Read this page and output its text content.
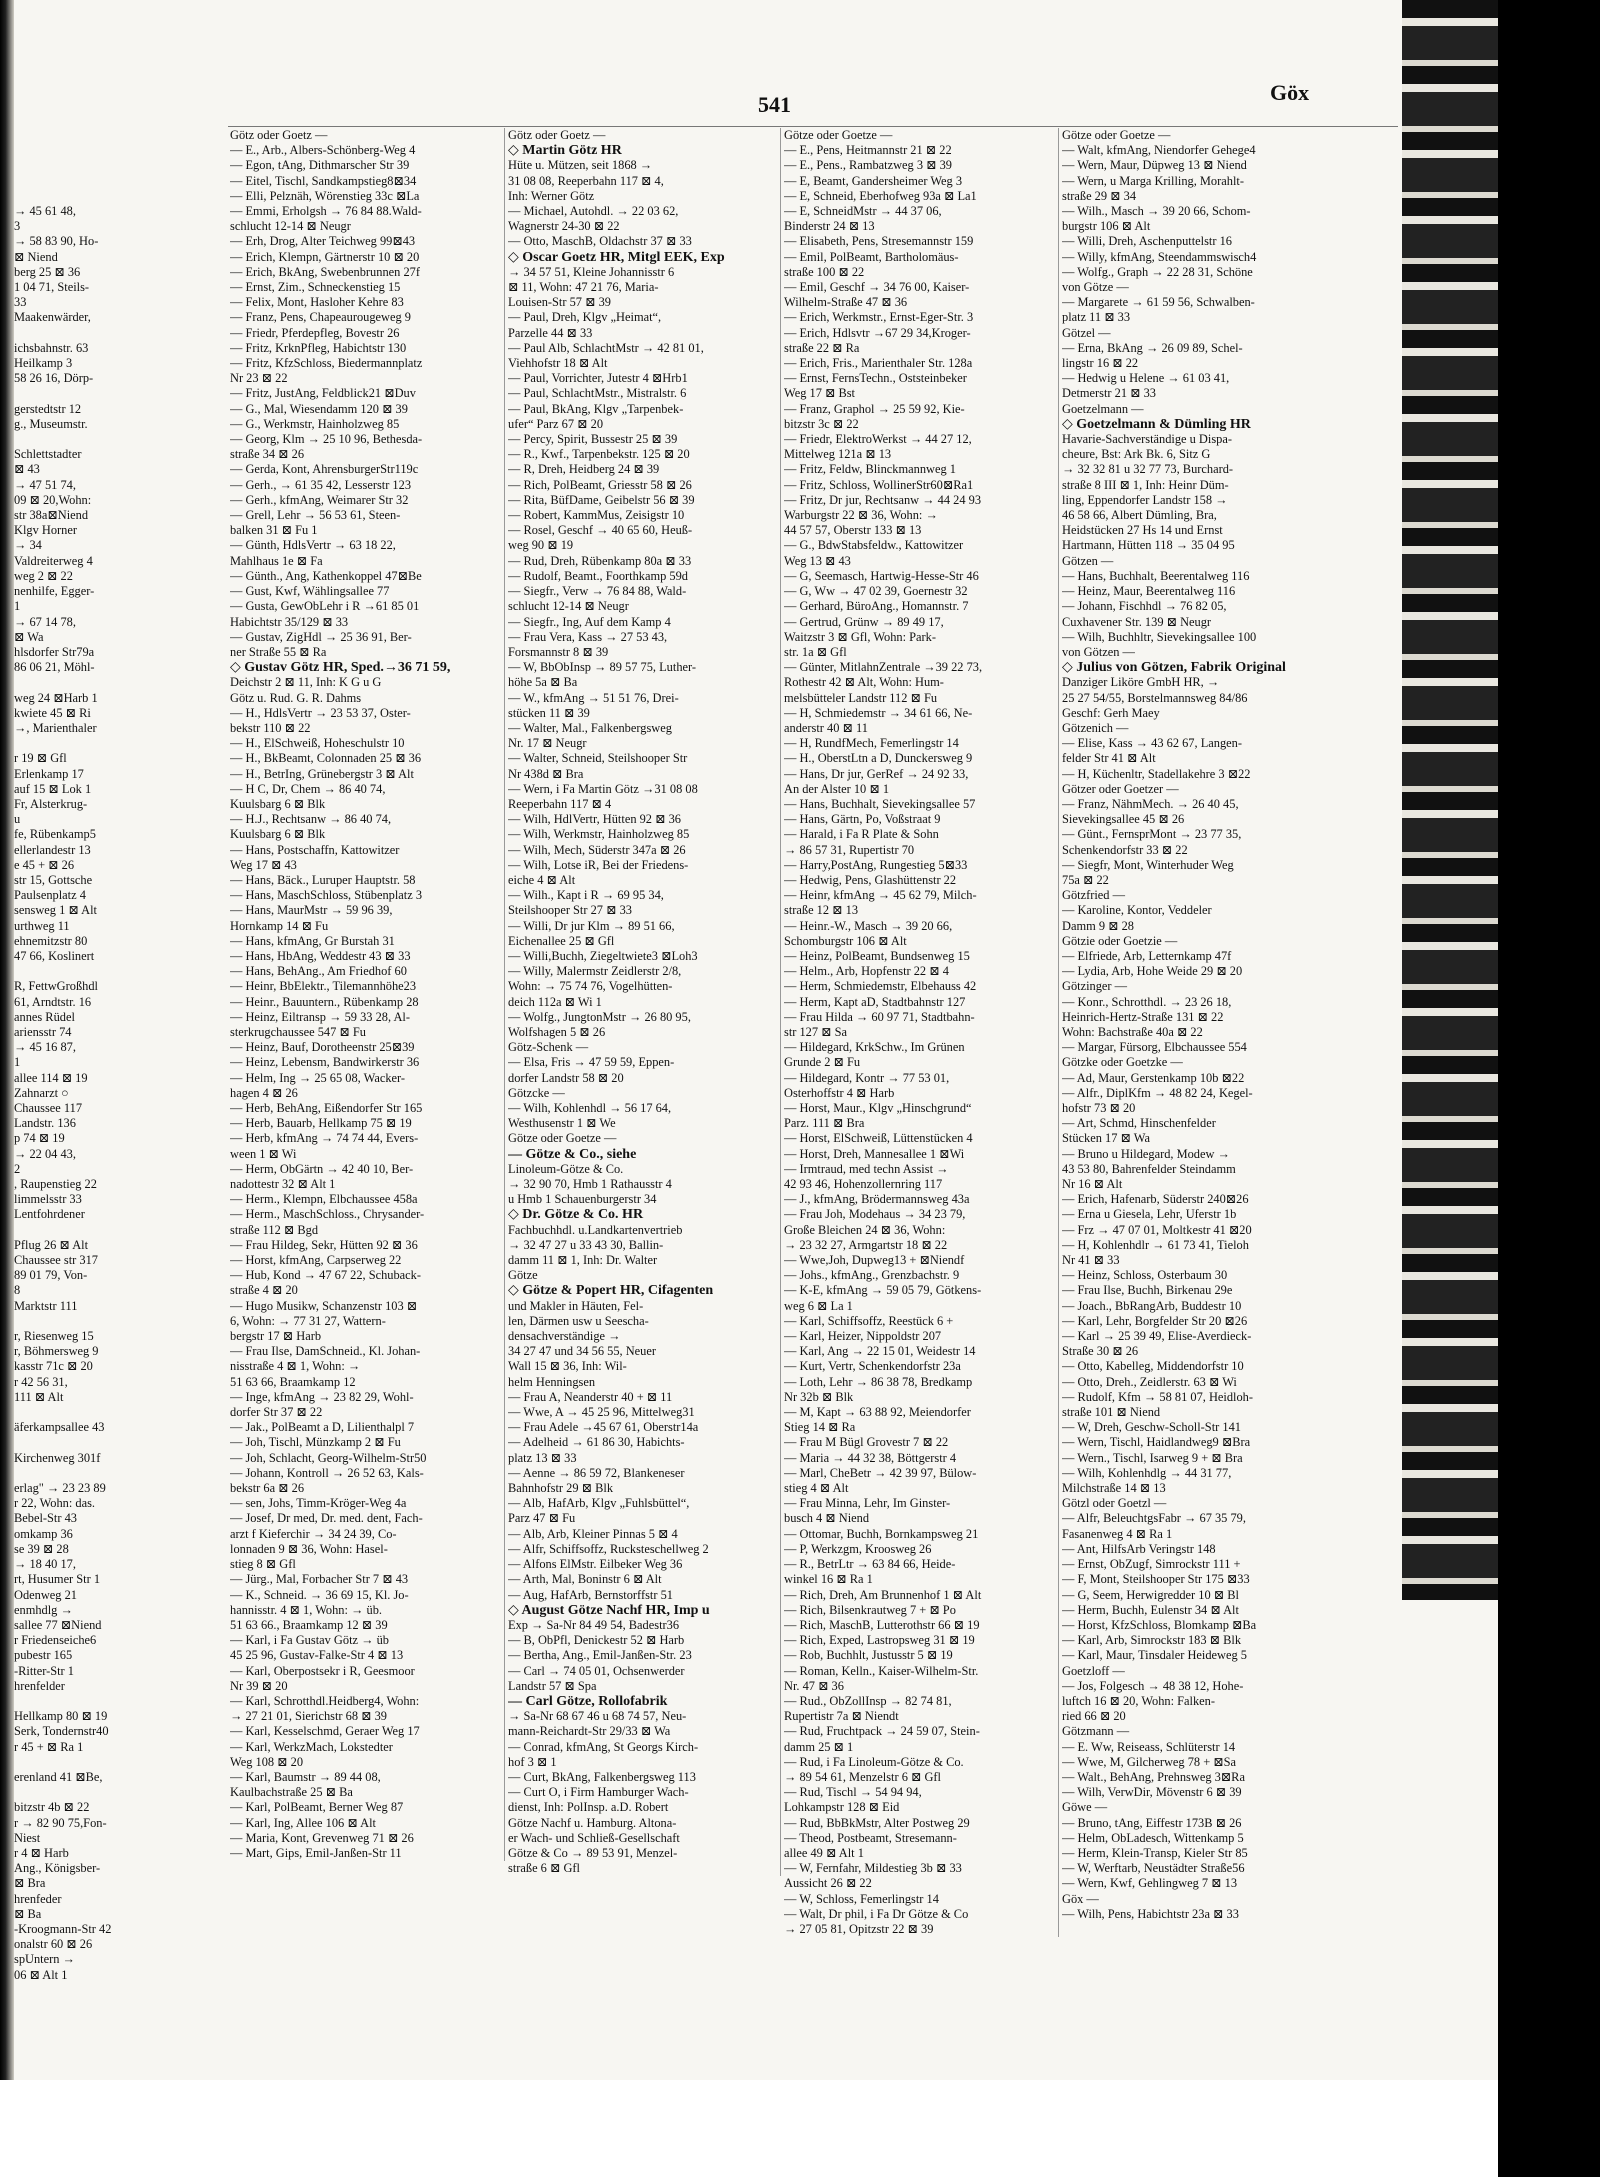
541	Göx

→ 45 61 48,
3
→ 58 83 90, Ho-
⊠ Niend
berg 25 ⊠ 36
1 04 71, Steils-
33
Maakenwärder,

ichsbahnstr. 63
Heilkamp 3
58 26 16, Dörp-

gerstedtstr 12
g., Museumstr.

Schlettstadter
⊠ 43
→ 47 51 74,
09 ⊠ 20,Wohn:
str 38a⊠Niend
Klgv Horner
→ 34
Valdreiterweg 4
weg 2 ⊠ 22
nenhilfe, Egger-
1
→ 67 14 78,
⊠ Wa
hlsdorfer Str79a
86 06 21, Möhl-

weg 24 ⊠Harb 1
kwiete 45 ⊠ Ri
→, Marienthaler

r 19 ⊠ Gfl
Erlenkamp 17
auf 15 ⊠ Lok 1
Fr, Alsterkrug-
u
fe, Rübenkamp5
ellerlandestr 13
e 45 + ⊠ 26
str 15, Gottsche
Paulsenplatz 4
sensweg 1 ⊠ Alt
urthweg 11
ehnemitzstr 80
47 66, Koslinert

R, FettwGroßhdl
61, Arndtstr. 16
annes Rüdel
ariensstr 74
→ 45 16 87,
1
allee 114 ⊠ 19
Zahnarzt ○
Chaussee 117
Landstr. 136
p 74 ⊠ 19
→ 22 04 43,
2
, Raupenstieg 22
limmelsstr 33
Lentfohrdener

Pflug 26 ⊠ Alt
Chaussee str 317
89 01 79, Von-
8
Marktstr 111

r, Riesenweg 15
r, Böhmersweg 9
kasstr 71c ⊠ 20
r 42 56 31,
111 ⊠ Alt

äferkampsallee 43

Kirchenweg 301f

erlag" → 23 23 89
r 22, Wohn: das.
Bebel-Str 43
omkamp 36
se 39 ⊠ 28
→ 18 40 17,
rt, Husumer Str 1
Odenweg 21
enmhdlg →
sallee 77 ⊠Niend
r Friedenseiche6
pubestr 165
-Ritter-Str 1
hrenfelder

Hellkamp 80 ⊠ 19
Serk, Tondernstr40
r 45 + ⊠ Ra 1

erenland 41 ⊠Be,

bitzstr 4b ⊠ 22
r → 82 90 75,Fon-
Niest
r 4 ⊠ Harb
Ang., Königsber-
⊠ Bra
hrenfeder
⊠ Ba
-Kroogmann-Str 42
onalstr 60 ⊠ 26
spUntern →
06 ⊠ Alt 1
Götz oder Goetz —
— E., Arb., Albers-Schönberg-Weg 4
— Egon, tAng, Dithmarscher Str 39
— Eitel, Tischl, Sandkampstieg8⊠34
— Elli, Pelznäh, Wörenstieg 33c ⊠La
— Emmi, Erholgsh → 76 84 88.Wald-
schlucht 12-14 ⊠ Neugr
— Erh, Drog, Alter Teichweg 99⊠43
— Erich, Klempn, Gärtnerstr 10 ⊠ 20
— Erich, BkAng, Swebenbrunnen 27f
— Ernst, Zim., Schneckenstieg 15
— Felix, Mont, Hasloher Kehre 83
— Franz, Pens, Chapeaurougeweg 9
— Friedr, Pferdepfleg, Bovestr 26
— Fritz, KrknPfleg, Habichtstr 130
— Fritz, KfzSchloss, Biedermannplatz
Nr 23 ⊠ 22
— Fritz, JustAng, Feldblick21 ⊠Duv
— G., Mal, Wiesendamm 120 ⊠ 39
— G., Werkmstr, Hainholzweg 85
— Georg, Klm → 25 10 96, Bethesda-
straße 34 ⊠ 26
— Gerda, Kont, AhrensburgerStr119c
— Gerh., → 61 35 42, Lesserstr 123
— Gerh., kfmAng, Weimarer Str 32
— Grell, Lehr → 56 53 61, Steen-
balken 31 ⊠ Fu 1
— Günth, HdlsVertr → 63 18 22,
Mahlhaus 1e ⊠ Fa
— Günth., Ang, Kathenkoppel 47⊠Be
— Gust, Kwf, Wählingsallee 77
— Gusta, GewObLehr i R →61 85 01
Habichtstr 35/129 ⊠ 33
— Gustav, ZigHdl → 25 36 91, Ber-
ner Straße 55 ⊠ Ra
◇ Gustav Götz HR, Sped.→36 71 59,
Deichstr 2 ⊠ 11, Inh: K G u G
Götz u. Rud. G. R. Dahms
— H., HdlsVertr → 23 53 37, Oster-
bekstr 110 ⊠ 22
— H., ElSchweiß, Hoheschulstr 10
— H., BkBeamt, Colonnaden 25 ⊠ 36
— H., BetrIng, Grünebergstr 3 ⊠ Alt
— H C, Dr, Chem → 86 40 74,
Kuulsbarg 6 ⊠ Blk
— H.J., Rechtsanw → 86 40 74,
Kuulsbarg 6 ⊠ Blk
— Hans, Postschaffn, Kattowitzer
Weg 17 ⊠ 43
— Hans, Bäck., Luruper Hauptstr. 58
— Hans, MaschSchloss, Stübenplatz 3
— Hans, MaurMstr → 59 96 39,
Hornkamp 14 ⊠ Fu
— Hans, kfmAng, Gr Burstah 31
— Hans, HbAng, Weddestr 43 ⊠ 33
— Hans, BehAng., Am Friedhof 60
— Heinr, BbEle​ktr., Tilemannhöhe23
— Heinr., Bauuntern., Rübenkamp 28
— Heinz, Eiltransp → 59 33 28, Al-
sterkrugchaussee 547 ⊠ Fu
— Heinz, Bauf, Dorotheenstr 25⊠39
— Heinz, Lebensm, Bandwirkerstr 36
— Helm, Ing → 25 65 08, Wacker-
hagen 4 ⊠ 26
— Herb, BehAng, Eißendorfer Str 165
— Herb, Bauarb, Hellkamp 75 ⊠ 19
— Herb, kfmAng → 74 74 44, Evers-
ween 1 ⊠ Wi
— Herm, ObGärtn → 42 40 10, Ber-
nadottestr 32 ⊠ Alt 1
— Herm., Klempn, Elbchaussee 458a
— Herm., MaschSchloss., Chrysander-
straße 112 ⊠ Bgd
— Frau Hildeg, Sekr, Hütten 92 ⊠ 36
— Horst, kfmAng, Carpserweg 22
— Hub, Kond → 47 67 22, Schuback-
straße 4 ⊠ 20
— Hugo Musikw, Schanzenstr 103 ⊠
6, Wohn: → 77 31 27, Wattern-
bergstr 17 ⊠ Harb
— Frau Ilse, DamSchneid., Kl. Johan-
nisstraße 4 ⊠ 1, Wohn: →
51 63 66, Braamkamp 12
— Inge, kfmAng → 23 82 29, Wohl-
dorfer Str 37 ⊠ 22
— Jak., PolBeamt a D, Lilienthalpl 7
— Joh, Tischl, Münzkamp 2 ⊠ Fu
— Joh, Schlacht, Georg-Wilhelm-Str50
— Johann, Kontroll → 26 52 63, Kals-
bekstr 6a ⊠ 26
— sen, Johs, Timm-Kröger-Weg 4a
— Josef, Dr med, Dr. med. dent, Fach-
arzt f Kieferchir → 34 24 39, Co-
lonnaden 9 ⊠ 36, Wohn: Hasel-
stieg 8 ⊠ Gfl
— Jürg., Mal, Forbacher Str 7 ⊠ 43
— K., Schneid. → 36 69 15, Kl. Jo-
hannisstr. 4 ⊠ 1, Wohn: → üb.
51 63 66., Braamkamp 12 ⊠ 39
— Karl, i Fa Gustav Götz → üb
45 25 96, Gustav-Falke-Str 4 ⊠ 13
— Karl, Oberpostsekr i R, Geesmoor
Nr 39 ⊠ 20
— Karl, Schrotthdl.Heidberg4, Wohn:
→ 27 21 01, Sierichstr 68 ⊠ 39
— Karl, Kesselschmd, Geraer Weg 17
— Karl, WerkzMach, Lokstedter
Weg 108 ⊠ 20
— Karl, Baumstr → 89 44 08,
Kaulbachstraße 25 ⊠ Ba
— Karl, PolBeamt, Berner Weg 87
— Karl, Ing, Allee 106 ⊠ Alt
— Maria, Kont, Grevenweg 71 ⊠ 26
— Mart, Gips, Emil-Janßen-Str 11
Götz oder Goetz —
◇ Martin Götz HR
Hüte u. Mützen, seit 1868 →
31 08 08, Reeperbahn 117 ⊠ 4,
Inh: Werner Götz
— Michael, Autohdl. → 22 03 62,
Wagnerstr 24-30 ⊠ 22
— Otto, MaschB, Oldachstr 37 ⊠ 33
◇ Oscar Goetz HR, Mitgl EEK, Exp
→ 34 57 51, Kleine Johannisstr 6
⊠ 11, Wohn: 47 21 76, Maria-
Louisen-Str 57 ⊠ 39
— Paul, Dreh, Klgv „Heimat“,
Parzelle 44 ⊠ 33
— Paul Alb, SchlachtMstr → 42 81 01,
Viehhofstr 18 ⊠ Alt
— Paul, Vorrichter, Jutestr 4 ⊠Hrb1
— Paul, SchlachtMstr., Mistralstr. 6
— Paul, BkAng, Klgv „Tarpenbek-
ufer“ Parz 67 ⊠ 20
— Percy, Spirit, Bussestr 25 ⊠ 39
— R., Kwf., Tarpenbekstr. 125 ⊠ 20
— R, Dreh, Heidberg 24 ⊠ 39
— Rich, PolBeamt, Griesstr 58 ⊠ 26
— Rita, BüfDame, Geibelstr 56 ⊠ 39
— Robert, KammMus, Zeisigstr 10
— Rosel, Geschf → 40 65 60, Heuß-
weg 90 ⊠ 19
— Rud, Dreh, Rübenkamp 80a ⊠ 33
— Rudolf, Beamt., Foorthkamp 59d
— Siegfr., Verw → 76 84 88, Wald-
schlucht 12-14 ⊠ Neugr
— Siegfr., Ing, Auf dem Kamp 4
— Frau Vera, Kass → 27 53 43,
Forsmannstr 8 ⊠ 39
— W, BbObInsp → 89 57 75, Luther-
höhe 5a ⊠ Ba
— W., kfmAng → 51 51 76, Drei-
stücken 11 ⊠ 39
— Walter, Mal., Falkenbergsweg
Nr. 17 ⊠ Neugr
— Walter, Schneid, Steilshooper Str
Nr 438d ⊠ Bra
— Wern, i Fa Martin Götz →31 08 08
Reeperbahn 117 ⊠ 4
— Wilh, HdlVertr, Hütten 92 ⊠ 36
— Wilh, Werkmstr, Hainholzweg 85
— Wilh, Mech, Süderstr 347a ⊠ 26
— Wilh, Lotse iR, Bei der Friedens-
eiche 4 ⊠ Alt
— Wilh., Kapt i R → 69 95 34,
Steilshooper Str 27 ⊠ 33
— Willi, Dr jur Klm → 89 51 66,
Eichenallee 25 ⊠ Gfl
— Willi,Buchh, Ziegeltwiete3 ⊠Loh3
— Willy, Malermstr Zeidlerstr 2/8,
Wohn: → 75 74 76, Vogelhütten-
deich 112a ⊠ Wi 1
— Wolfg., JungtonMstr → 26 80 95,
Wolfshagen 5 ⊠ 26
Götz-Schenk —
— Elsa, Fris → 47 59 59, Eppen-
dorfer Landstr 58 ⊠ 20
Götzcke —
— Wilh, Kohlenhdl → 56 17 64,
Westhusenstr 1 ⊠ We
Götze oder Goetze —
— Götze & Co., siehe
Linoleum-Götze & Co.
→ 32 90 70, Hmb 1 Rathausstr 4
u Hmb 1 Schauenburgerstr 34
◇ Dr. Götze & Co. HR
Fachbuchhdl. u.Landkartenvertrieb
→ 32 47 27 u 33 43 30, Ballin-
damm 11 ⊠ 1, Inh: Dr. Walter
Götze
◇ Götze & Popert HR, Cifagenten
und Makler in Häuten, Fel-
len, Därmen usw u Seescha-
densachverständige →
34 27 47 und 34 56 55, Neuer
Wall 15 ⊠ 36, Inh: Wil-
helm Henningsen
— Frau A, Neanderstr 40 + ⊠ 11
— Wwe, A → 45 25 96, Mittelweg31
— Frau Adele →45 67 61, Oberstr14a
— Adelheid → 61 86 30, Habichts-
platz 13 ⊠ 33
— Aenne → 86 59 72, Blankeneser
Bahnhofstr 29 ⊠ Blk
— Alb, HafArb, Klgv „Fuhlsbüttel“,
Parz 47 ⊠ Fu
— Alb, Arb, Kleiner Pinnas 5 ⊠ 4
— Alfr, Schiffsoffz, Rucksteschellweg 2
— Alfons ElMstr. Eilbeker Weg 36
— Arth, Mal, Boninstr 6 ⊠ Alt
— Aug, HafArb, Bernstorffstr 51
◇ August Götze Nachf HR, Imp u
Exp → Sa-Nr 84 49 54, Badestr36
— B, ObPfl, Denickestr 52 ⊠ Harb
— Bertha, Ang., Emil-Janßen-Str. 23
— Carl → 74 05 01, Ochsenwerder
Landstr 57 ⊠ Spa
— Carl Götze, Rollofabrik
→ Sa-Nr 68 67 46 u 68 74 57, Neu-
mann-Reichardt-Str 29/33 ⊠ Wa
— Conrad, kfmAng, St Georgs Kirch-
hof 3 ⊠ 1
— Curt, BkAng, Falkenbergsweg 113
— Curt O, i Firm Hamburger Wach-
dienst, Inh: PolInsp. a.D. Robert
Götze Nachf u. Hamburg. Altona-
er Wach- und Schließ-Gesellschaft
Götze & Co → 89 53 91, Menzel-
straße 6 ⊠ Gfl
Götze oder Goetze —
— E., Pens, Heitmannstr 21 ⊠ 22
— E., Pens., Rambatzweg 3 ⊠ 39
— E, Beamt, Gandersheimer Weg 3
— E, Schneid, Eberhofweg 93a ⊠ La1
— E, SchneidMstr → 44 37 06,
Binderstr 24 ⊠ 13
— Elisabeth, Pens, Stresemannstr 159
— Emil, PolBeamt, Bartholomäus-
straße 100 ⊠ 22
— Emil, Geschf → 34 76 00, Kaiser-
Wilhelm-Straße 47 ⊠ 36
— Erich, Werkmstr., Ernst-Eger-Str. 3
— Erich, Hdlsvtr →67 29 34,Kroger-
straße 22 ⊠ Ra
— Erich, Fris., Marienthaler Str. 128a
— Ernst, FernsTechn., Oststeinbeker
Weg 17 ⊠ Bst
— Franz, Graphol → 25 59 92, Kie-
bitzstr 3c ⊠ 22
— Friedr, ElektroWerkst → 44 27 12,
Mittelweg 121a ⊠ 13
— Fritz, Feldw, Blinckmannweg 1
— Fritz, Schloss, WollinerStr60⊠Ra1
— Fritz, Dr jur, Rechtsanw → 44 24 93
Warburgstr 22 ⊠ 36, Wohn: →
44 57 57, Oberstr 133 ⊠ 13
— G., BdwStabsfeldw., Kattowitzer
Weg 13 ⊠ 43
— G, Seemasch, Hartwig-Hesse-Str 46
— G, Ww → 47 02 39, Goernestr 32
— Gerhard, BüroAng., Homannstr. 7
— Gertrud, Grünw → 89 49 17,
Waitzstr 3 ⊠ Gfl, Wohn: Park-
str. 1a ⊠ Gfl
— Günter, MitlahnZentrale →39 22 73,
Rothestr 42 ⊠ Alt, Wohn: Hum-
melsbütteler Landstr 112 ⊠ Fu
— H, Schmiedemstr → 34 61 66, Ne-
anderstr 40 ⊠ 11
— H, RundfMech, Femerlingstr 14
— H., OberstLtn a D, Dunckersweg 9
— Hans, Dr jur, GerRef → 24 92 33,
An der Alster 10 ⊠ 1
— Hans, Buchhalt, Sievekingsallee 57
— Hans, Gärtn, Po, Voßstraat 9
— Harald, i Fa R Plate & Sohn
→ 86 57 31, Rupertistr 70
— Harry,PostAng, Rungestieg 5⊠33
— Hedwig, Pens, Glashüttenstr 22
— Heinr, kfmAng → 45 62 79, Milch-
straße 12 ⊠ 13
— Heinr.-W., Masch → 39 20 66,
Schomburgstr 106 ⊠ Alt
— Heinz, PolBeamt, Bundsenweg 15
— Helm., Arb, Hopfenstr 22 ⊠ 4
— Herm, Schmiedemstr, Elbehauss 42
— Herm, Kapt aD, Stadtbahnstr 127
— Frau Hilda → 60 97 71, Stadtbahn-
str 127 ⊠ Sa
— Hildegard, KrkSchw., Im Grünen
Grunde 2 ⊠ Fu
— Hildegard, Kontr → 77 53 01,
Osterhoffstr 4 ⊠ Harb
— Horst, Maur., Klgv „Hinschgrund“
Parz. 111 ⊠ Bra
— Horst, ElSchweiß, Lüttenstücken 4
— Horst, Dreh, Mannesallee 1 ⊠Wi
— Irmtraud, med techn Assist →
42 93 46, Hohenzollernring 117
— J., kfmAng, Brödermannsweg 43a
— Frau Joh, Modehaus → 34 23 79,
Große Bleichen 24 ⊠ 36, Wohn:
→ 23 32 27, Armgartstr 18 ⊠ 22
— Wwe,Joh, Dupweg13 + ⊠Niendf
— Johs., kfmAng., Grenzbachstr. 9
— K-E, kfmAng → 59 05 79, Götkens-
weg 6 ⊠ La 1
— Karl, Schiffsoffz, Reestück 6 +
— Karl, Heizer, Nippoldstr 207
— Karl, Ang → 22 15 01, Weidestr 14
— Kurt, Vertr, Schenkendorfstr 23a
— Loth, Lehr → 86 38 78, Bredkamp
Nr 32b ⊠ Blk
— M, Kapt → 63 88 92, Meiendorfer
Stieg 14 ⊠ Ra
— Frau M Bügl Grovestr 7 ⊠ 22
— Maria → 44 32 38, Böttgerstr 4
— Marl, CheBetr → 42 39 97, Bülow-
stieg 4 ⊠ Alt
— Frau Minna, Lehr, Im Ginster-
busch 4 ⊠ Niend
— Ottomar, Buchh, Bornkampsweg 21
— P, Werkzgm, Kroosweg 26
— R., BetrLtr → 63 84 66, Heide-
winkel 16 ⊠ Ra 1
— Rich, Dreh, Am Brunnenhof 1 ⊠ Alt
— Rich, Bilsenkrautweg 7 + ⊠ Po
— Rich, MaschB, Lutterothstr 66 ⊠ 19
— Rich, Exped, Lastropsweg 31 ⊠ 19
— Rob, Buchhlt, Justusstr 5 ⊠ 19
— Roman, Kelln., Kaiser-Wilhelm-Str.
Nr. 47 ⊠ 36
— Rud., ObZollInsp → 82 74 81,
Rupertistr 7a ⊠ Niendt
— Rud, Fruchtpack → 24 59 07, Stein-
damm 25 ⊠ 1
— Rud, i Fa Linoleum-Götze & Co.
→ 89 54 61, Menzelstr 6 ⊠ Gfl
— Rud, Tischl → 54 94 94,
Lohkampstr 128 ⊠ Eid
— Rud, BbBkMstr, Alter Postweg 29
— Theod, Postbeamt, Stresemann-
allee 49 ⊠ Alt 1
— W, Fernfahr, Mildestieg 3b ⊠ 33
Aussicht 26 ⊠ 22
— W, Schloss, Femerlingstr 14
— Walt, Dr phil, i Fa Dr Götze & Co
→ 27 05 81, Opitzstr 22 ⊠ 39
Götze oder Goetze —
— Walt, kfmAng, Niendorfer Gehege4
— Wern, Maur, Düpweg 13 ⊠ Niend
— Wern, u Marga Krilling, Morahlt-
straße 29 ⊠ 34
— Wilh., Masch → 39 20 66, Schom-
burgstr 106 ⊠ Alt
— Willi, Dreh, Aschenputtelstr 16
— Willy, kfmAng, Steendammswisch4
— Wolfg., Graph → 22 28 31, Schöne
von Götze —
— Margarete → 61 59 56, Schwalben-
platz 11 ⊠ 33
Götzel —
— Erna, BkAng → 26 09 89, Schel-
lingstr 16 ⊠ 22
— Hedwig u Helene → 61 03 41,
Detmerstr 21 ⊠ 33
Goetzelmann —
◇ Goetzelmann & Dümling HR
Havarie-Sachverständige u Dispa-
cheure, Bst: Ark Bk. 6, Sitz G
→ 32 32 81 u 32 77 73, Burchard-
straße 8 III ⊠ 1, Inh: Heinr Düm-
ling, Eppendorfer Landstr 158 →
46 58 66, Albert Dümling, Bra,
Heidstücken 27 Hs 14 und Ernst
Hartmann, Hütten 118 → 35 04 95
Götzen —
— Hans, Buchhalt, Beerentalweg 116
— Heinz, Maur, Beerentalweg 116
— Johann, Fischhdl → 76 82 05,
Cuxhavener Str. 139 ⊠ Neugr
— Wilh, Buchhltr, Sievekingsallee 100
von Götzen —
◇ Julius von Götzen, Fabrik Original
Danziger Liköre GmbH HR, →
25 27 54/55, Borstelmannsweg 84/86
Geschf: Gerh Maey
Götzenich —
— Elise, Kass → 43 62 67, Langen-
felder Str 41 ⊠ Alt
— H, Küchenltr, Stadellakehre 3 ⊠22
Götzer oder Goetzer —
— Franz, NähmMech. → 26 40 45,
Sievekingsallee 45 ⊠ 26
— Günt., FernsprMont → 23 77 35,
Schenkendorfstr 33 ⊠ 22
— Siegfr, Mont, Winterhuder Weg
75a ⊠ 22
Götzfried —
— Karoline, Kontor, Veddeler
Damm 9 ⊠ 28
Götzie oder Goetzie —
— Elfriede, Arb, Letternkamp 47f
— Lydia, Arb, Hohe Weide 29 ⊠ 20
Götzinger —
— Konr., Schrotthdl. → 23 26 18,
Heinrich-Hertz-Straße 131 ⊠ 22
Wohn: Bachstraße 40a ⊠ 22
— Margar, Fürsorg, Elbchaussee 554
Götzke oder Goetzke —
— Ad, Maur, Gerstenkamp 10b ⊠22
— Alfr., DiplKfm → 48 82 24, Kegel-
hofstr 73 ⊠ 20
— Art, Schmd, Hinschenfelder
Stücken 17 ⊠ Wa
— Bruno u Hildegard, Modew →
43 53 80, Bahrenfelder Steindamm
Nr 16 ⊠ Alt
— Erich, Hafenarb, Süderstr 240⊠26
— Erna u Giesela, Lehr, Uferstr 1b
— Frz → 47 07 01, Moltkestr 41 ⊠20
— H, Kohlenhdlr → 61 73 41, Tieloh
Nr 41 ⊠ 33
— Heinz, Schloss, Osterbaum 30
— Frau Ilse, Buchh, Birkenau 29e
— Joach., BbRangArb, Buddestr 10
— Karl, Lehr, Borgfelder Str 20 ⊠26
— Karl → 25 39 49, Elise-Averdieck-
Straße 30 ⊠ 26
— Otto, Kabelleg, Middendorfstr 10
— Otto, Dreh., Zeidlerstr. 63 ⊠ Wi
— Rudolf, Kfm → 58 81 07, Heidloh-
straße 101 ⊠ Niend
— W, Dreh, Geschw-Scholl-Str 141
— Wern, Tischl, Haidlandweg9 ⊠Bra
— Wern., Tischl, Isarweg 9 + ⊠ Bra
— Wilh, Kohlenhdlg → 44 31 77,
Milchstraße 14 ⊠ 13
Götzl oder Goetzl —
— Alfr, BeleuchtgsFabr → 67 35 79,
Fasanenweg 4 ⊠ Ra 1
— Ant, HilfsArb Veringstr 148
— Ernst, ObZugf, Simrockstr 111 +
— F, Mont, Steilshooper Str 175 ⊠33
— G, Seem, Herwigredder 10 ⊠ Bl
— Herm, Buchh, Eulenstr 34 ⊠ Alt
— Horst, KfzSchloss, Blomkamp ⊠Ba
— Karl, Arb, Simrockstr 183 ⊠ Blk
— Karl, Maur, Tinsdaler Heideweg 5
Goetzloff —
— Jos, Folgesch → 48 38 12, Hohe-
luftch 16 ⊠ 20, Wohn: Falken-
ried 66 ⊠ 20
Götzmann —
— E. Ww, Reiseass, Schlüterstr 14
— Wwe, M, Gilcherweg 78 + ⊠Sa
— Walt., BehAng, Prehnsweg 3⊠Ra
— Wilh, VerwDir, Mövenstr 6 ⊠ 39
Göwe —
— Bruno, tAng, Eiffestr 173B ⊠ 26
— Helm, ObLadesch, Wittenkamp 5
— Herm, Klein-Transp, Kieler Str 85
— W, Werftarb, Neustädter Straße56
— Wern, Kwf, Gehlingweg 7 ⊠ 13
Göx —
— Wilh, Pens, Habichtstr 23a ⊠ 33
